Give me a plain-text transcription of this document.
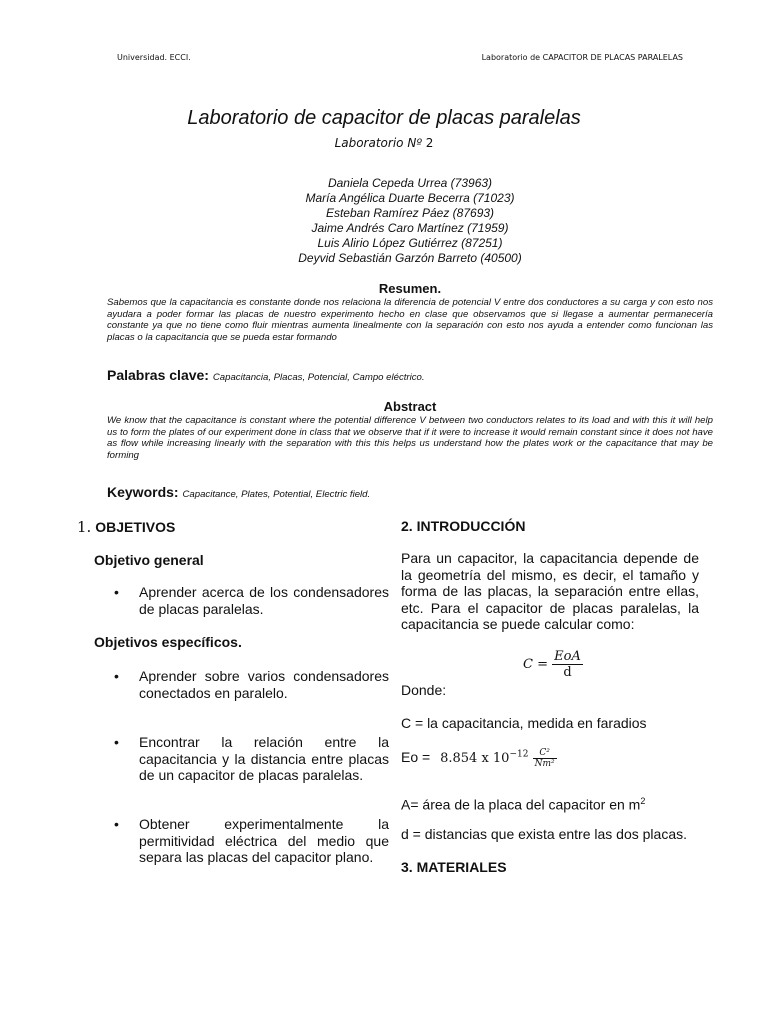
Universidad. ECCI.	Laboratorio de CAPACITOR DE PLACAS PARALELAS
Laboratorio de capacitor de placas paralelas
Laboratorio Nº 2
Daniela Cepeda Urrea (73963)
María Angélica Duarte Becerra (71023)
Esteban Ramírez Páez (87693)
Jaime Andrés Caro Martínez (71959)
Luis Alirio López Gutiérrez (87251)
Deyvid Sebastián Garzón Barreto (40500)
Resumen.
Sabemos que la capacitancia es constante donde nos relaciona la diferencia de potencial V entre dos conductores a su carga y con esto nos ayudara a poder formar las placas de nuestro experimento hecho en clase que observamos que si llegase a aumentar permanecería constante ya que no tiene como fluir mientras aumenta linealmente con la separación con esto nos ayuda a entender como funcionan las placas o la capacitancia que se pueda estar formando
Palabras clave: Capacitancia, Placas, Potencial, Campo eléctrico.
Abstract
We know that the capacitance is constant where the potential difference V between two conductors relates to its load and with this it will help us to form the plates of our experiment done in class that we observe that if it were to increase it would remain constant since it does not have as flow while increasing linearly with the separation with this this helps us understand how the plates work or the capacitance that may be forming
Keywords: Capacitance, Plates, Potential, Electric field.
1. OBJETIVOS
Objetivo general
• Aprender acerca de los condensadores de placas paralelas.
Objetivos específicos.
• Aprender sobre varios condensadores conectados en paralelo.
• Encontrar la relación entre la capacitancia y la distancia entre placas de un capacitor de placas paralelas.
• Obtener experimentalmente la permitividad eléctrica del medio que separa las placas del capacitor plano.
2. INTRODUCCIÓN
Para un capacitor, la capacitancia depende de la geometría del mismo, es decir, el tamaño y forma de las placas, la separación entre ellas, etc. Para el capacitor de placas paralelas, la capacitancia se puede calcular como:
$C = \frac{\text{EoA}}{d}$
Donde:
C = la capacitancia, medida en faradios
Eo = 8.854 x $10^{-12} \frac{\text{C²}}{\text{Nm²}}$
A= área de la placa del capacitor en $m^2$
d = distancias que exista entre las dos placas.
3. MATERIALES
